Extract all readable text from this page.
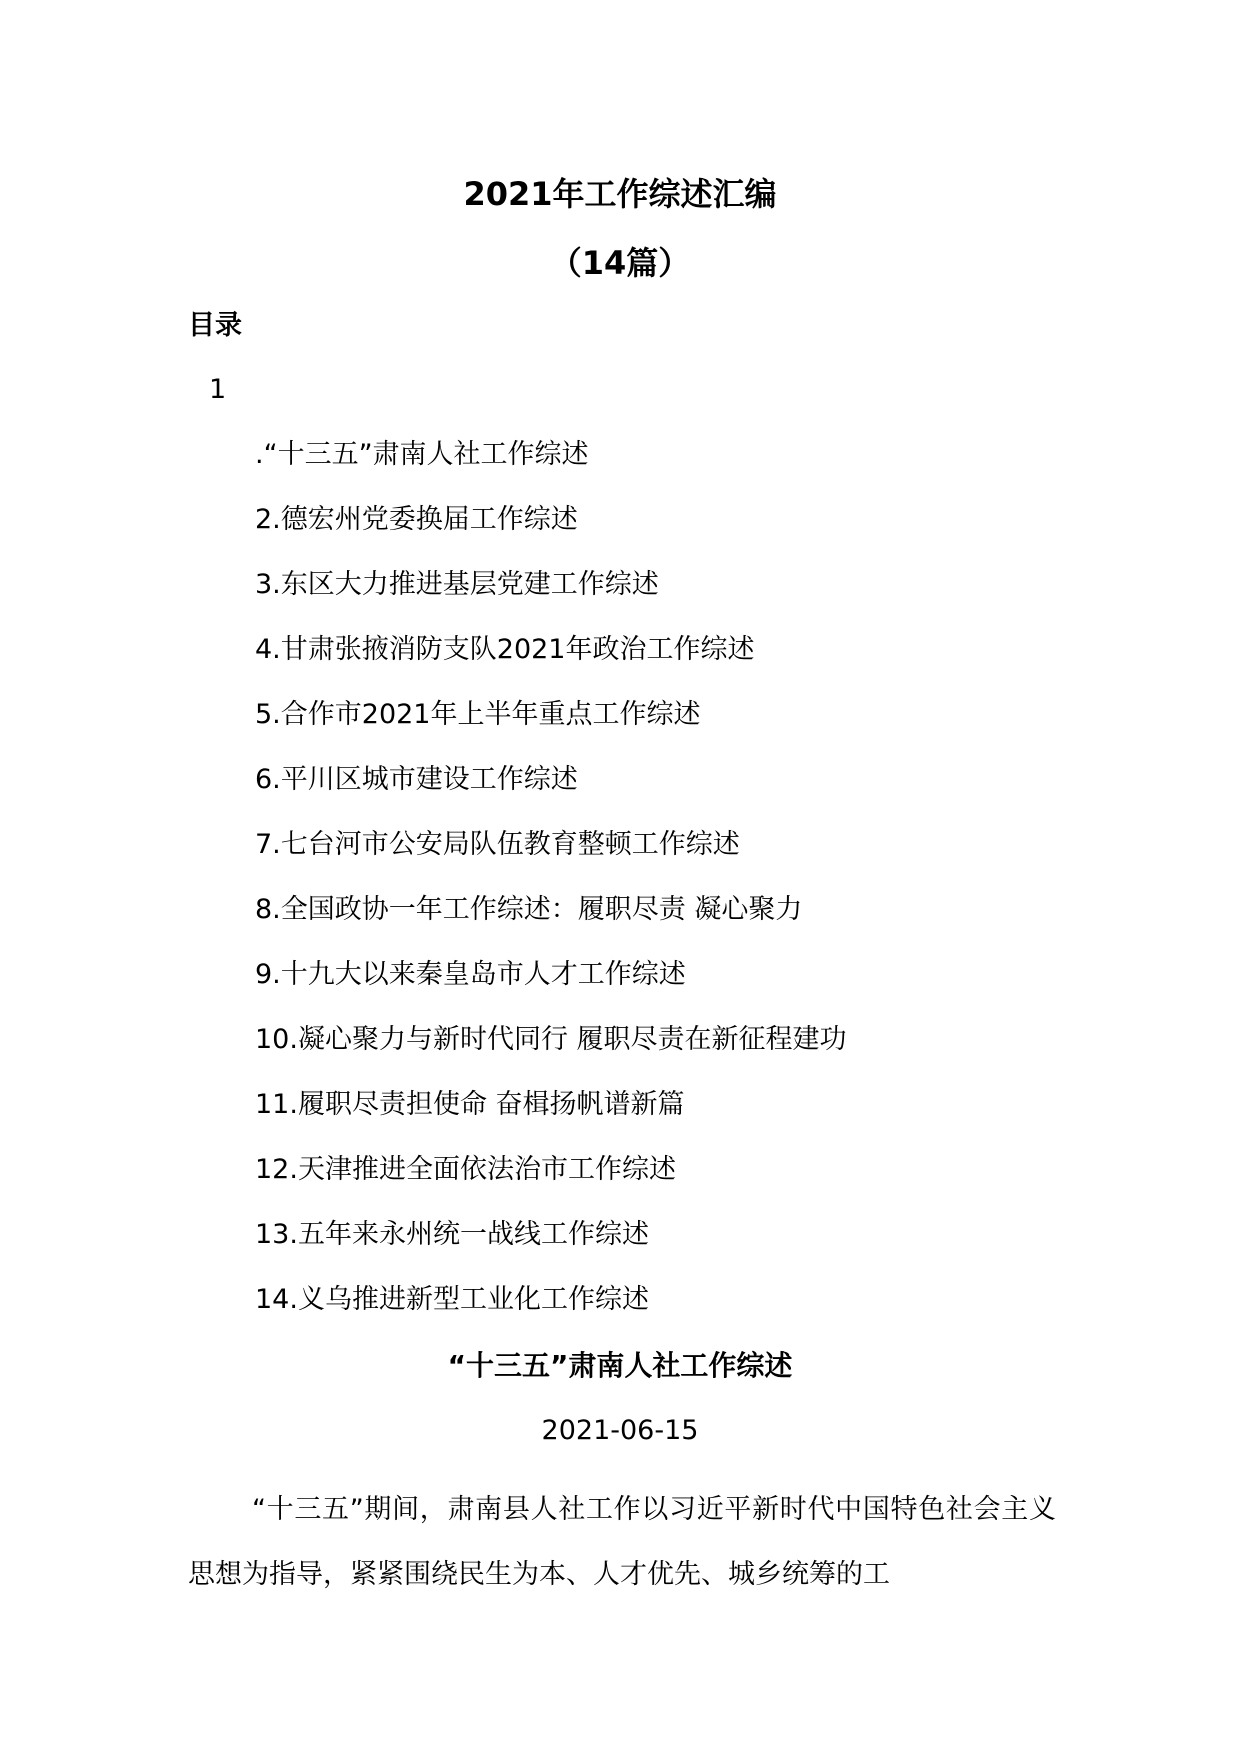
2021年工作综述汇编
（14篇）
目录
1
.“十三五”肃南人社工作综述
2.德宏州党委换届工作综述
3.东区大力推进基层党建工作综述
4.甘肃张掖消防支队2021年政治工作综述
5.合作市2021年上半年重点工作综述
6.平川区城市建设工作综述
7.七台河市公安局队伍教育整顿工作综述
8.全国政协一年工作综述：履职尽责 凝心聚力
9.十九大以来秦皇岛市人才工作综述
10.凝心聚力与新时代同行 履职尽责在新征程建功
11.履职尽责担使命 奋楫扬帆谱新篇
12.天津推进全面依法治市工作综述
13.五年来永州统一战线工作综述
14.义乌推进新型工业化工作综述
“十三五”肃南人社工作综述
2021-06-15

“十三五”期间，肃南县人社工作以习近平新时代中国特色社会主义思想为指导，紧紧围绕民生为本、人才优先、城乡统筹的工
